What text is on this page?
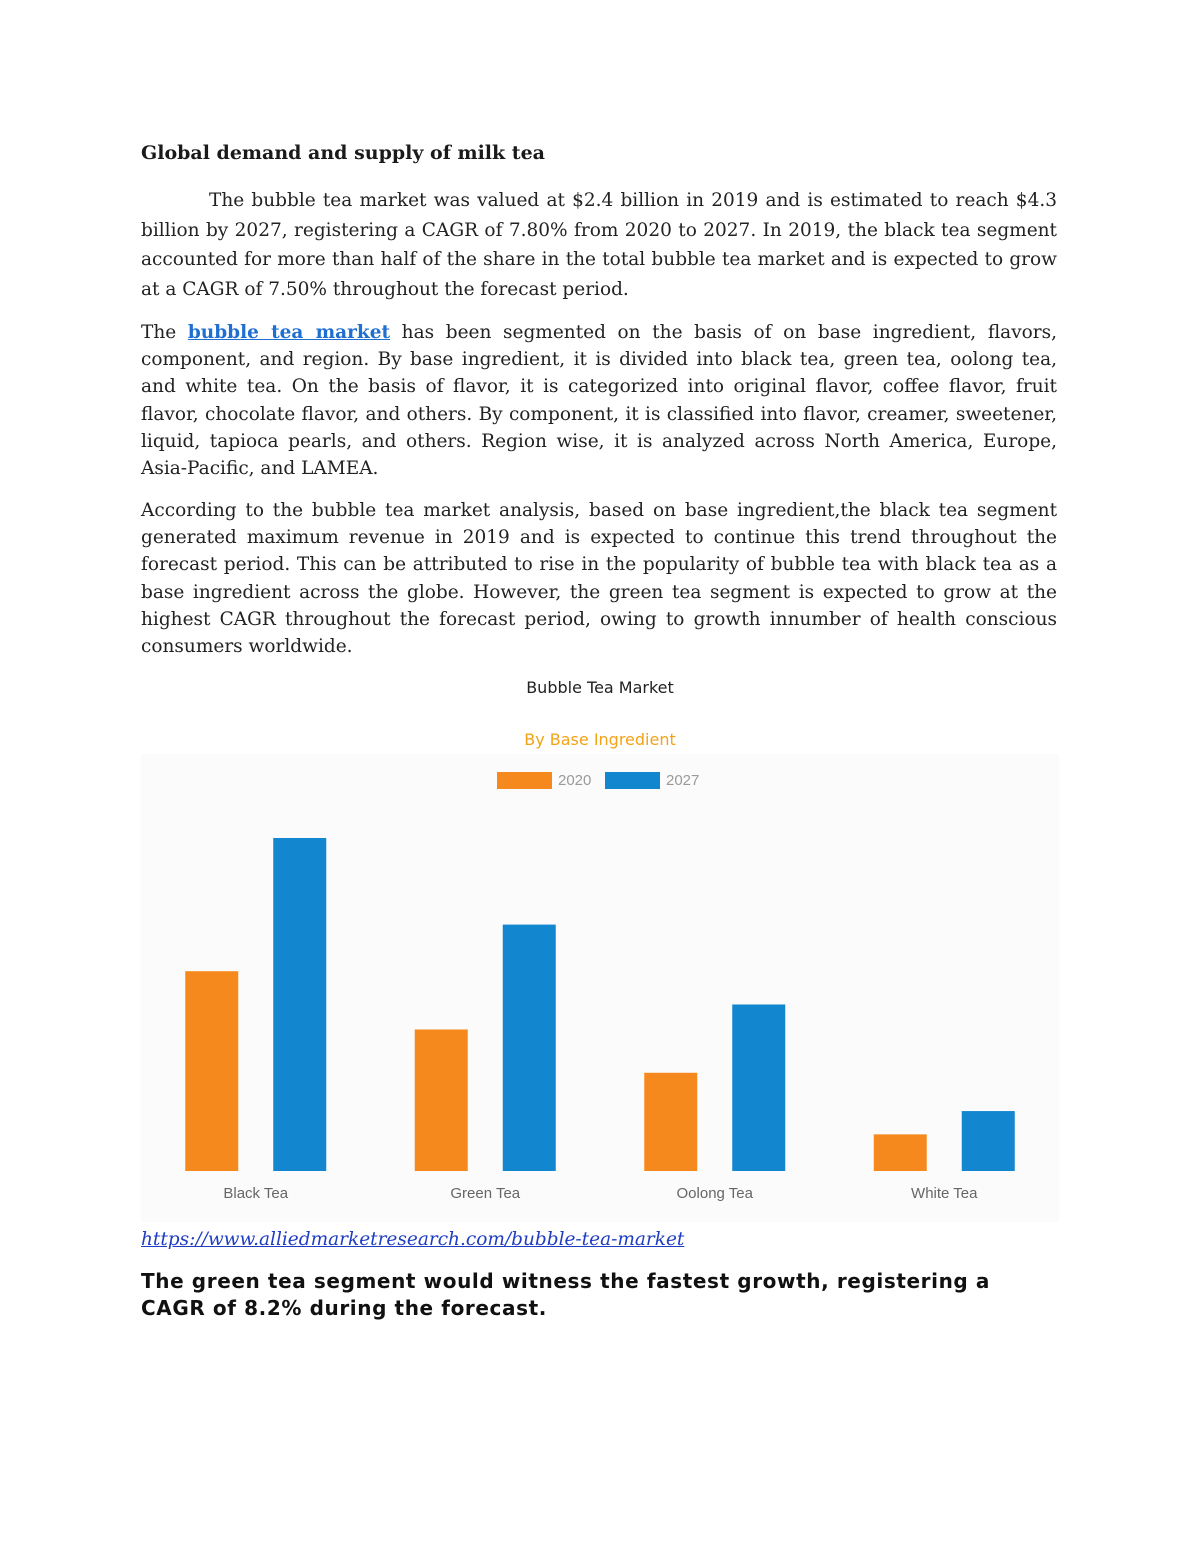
Global demand and supply of milk tea

The bubble tea market was valued at $2.4 billion in 2019 and is estimated to reach $4.3 billion by 2027, registering a CAGR of 7.80% from 2020 to 2027. In 2019, the black tea segment accounted for more than half of the share in the total bubble tea market and is expected to grow at a CAGR of 7.50% throughout the forecast period.

The bubble tea market has been segmented on the basis of on base ingredient, flavors, component, and region. By base ingredient, it is divided into black tea, green tea, oolong tea, and white tea. On the basis of flavor, it is categorized into original flavor, coffee flavor, fruit flavor, chocolate flavor, and others. By component, it is classified into flavor, creamer, sweetener, liquid, tapioca pearls, and others. Region wise, it is analyzed across North America, Europe, Asia-Pacific, and LAMEA.

According to the bubble tea market analysis, based on base ingredient,the black tea segment generated maximum revenue in 2019 and is expected to continue this trend throughout the forecast period. This can be attributed to rise in the popularity of bubble tea with black tea as a base ingredient across the globe. However, the green tea segment is expected to grow at the highest CAGR throughout the forecast period, owing to growth innumber of health conscious consumers worldwide.

Bubble Tea Market
By Base Ingredient
2020	2027
Black Tea	Green Tea	Oolong Tea	White Tea
https://www.alliedmarketresearch.com/bubble-tea-market

The green tea segment would witness the fastest growth, registering a CAGR of 8.2% during the forecast.
